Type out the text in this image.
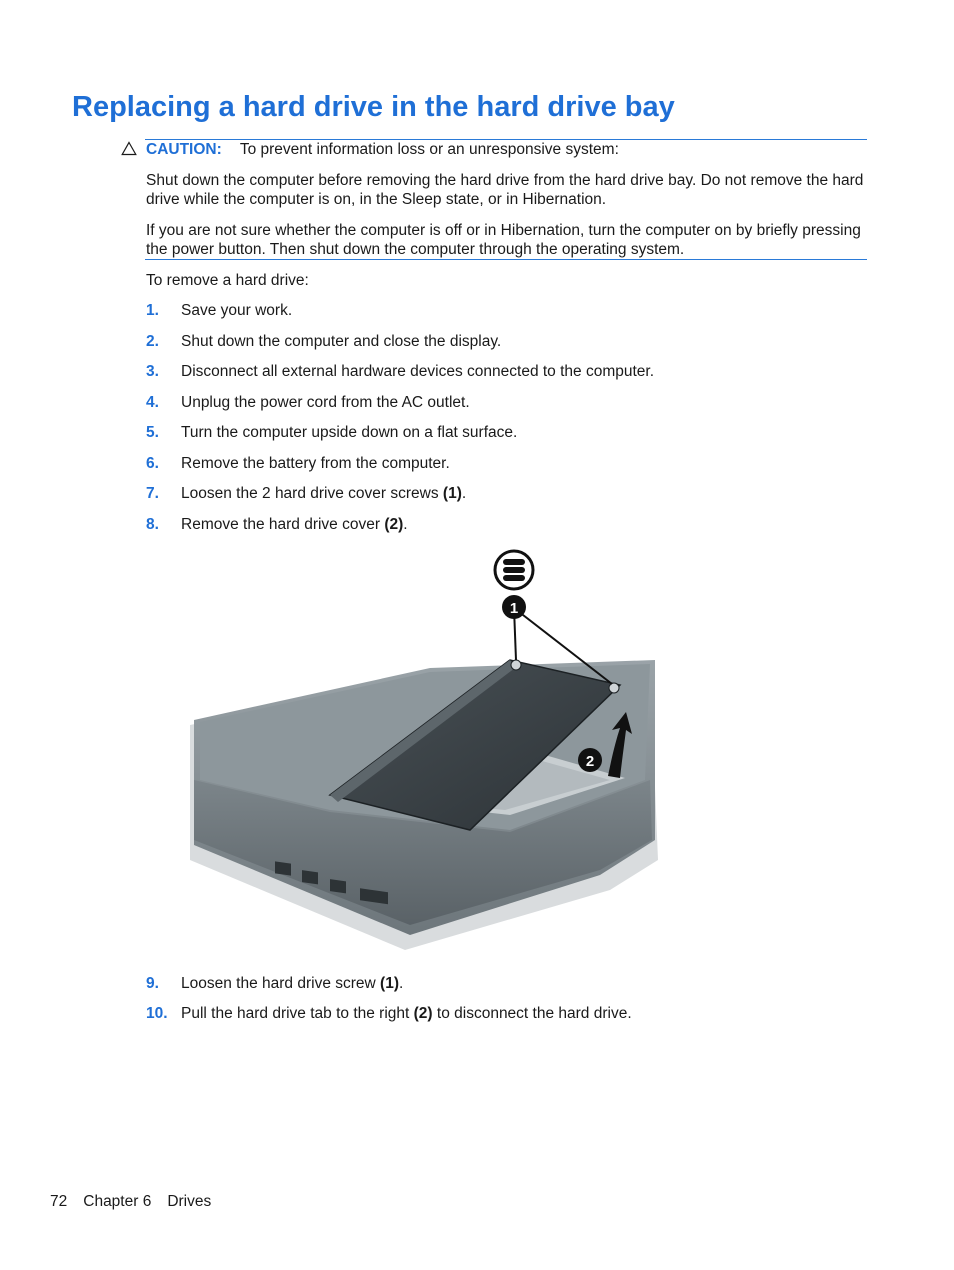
Replacing a hard drive in the hard drive bay
CAUTION: To prevent information loss or an unresponsive system:

Shut down the computer before removing the hard drive from the hard drive bay. Do not remove the hard drive while the computer is on, in the Sleep state, or in Hibernation.

If you are not sure whether the computer is off or in Hibernation, turn the computer on by briefly pressing the power button. Then shut down the computer through the operating system.

To remove a hard drive:

1. Save your work.
2. Shut down the computer and close the display.
3. Disconnect all external hardware devices connected to the computer.
4. Unplug the power cord from the AC outlet.
5. Turn the computer upside down on a flat surface.
6. Remove the battery from the computer.
7. Loosen the 2 hard drive cover screws (1).
8. Remove the hard drive cover (2).
1
2
9. Loosen the hard drive screw (1).
10. Pull the hard drive tab to the right (2) to disconnect the hard drive.
72 Chapter 6 Drives
